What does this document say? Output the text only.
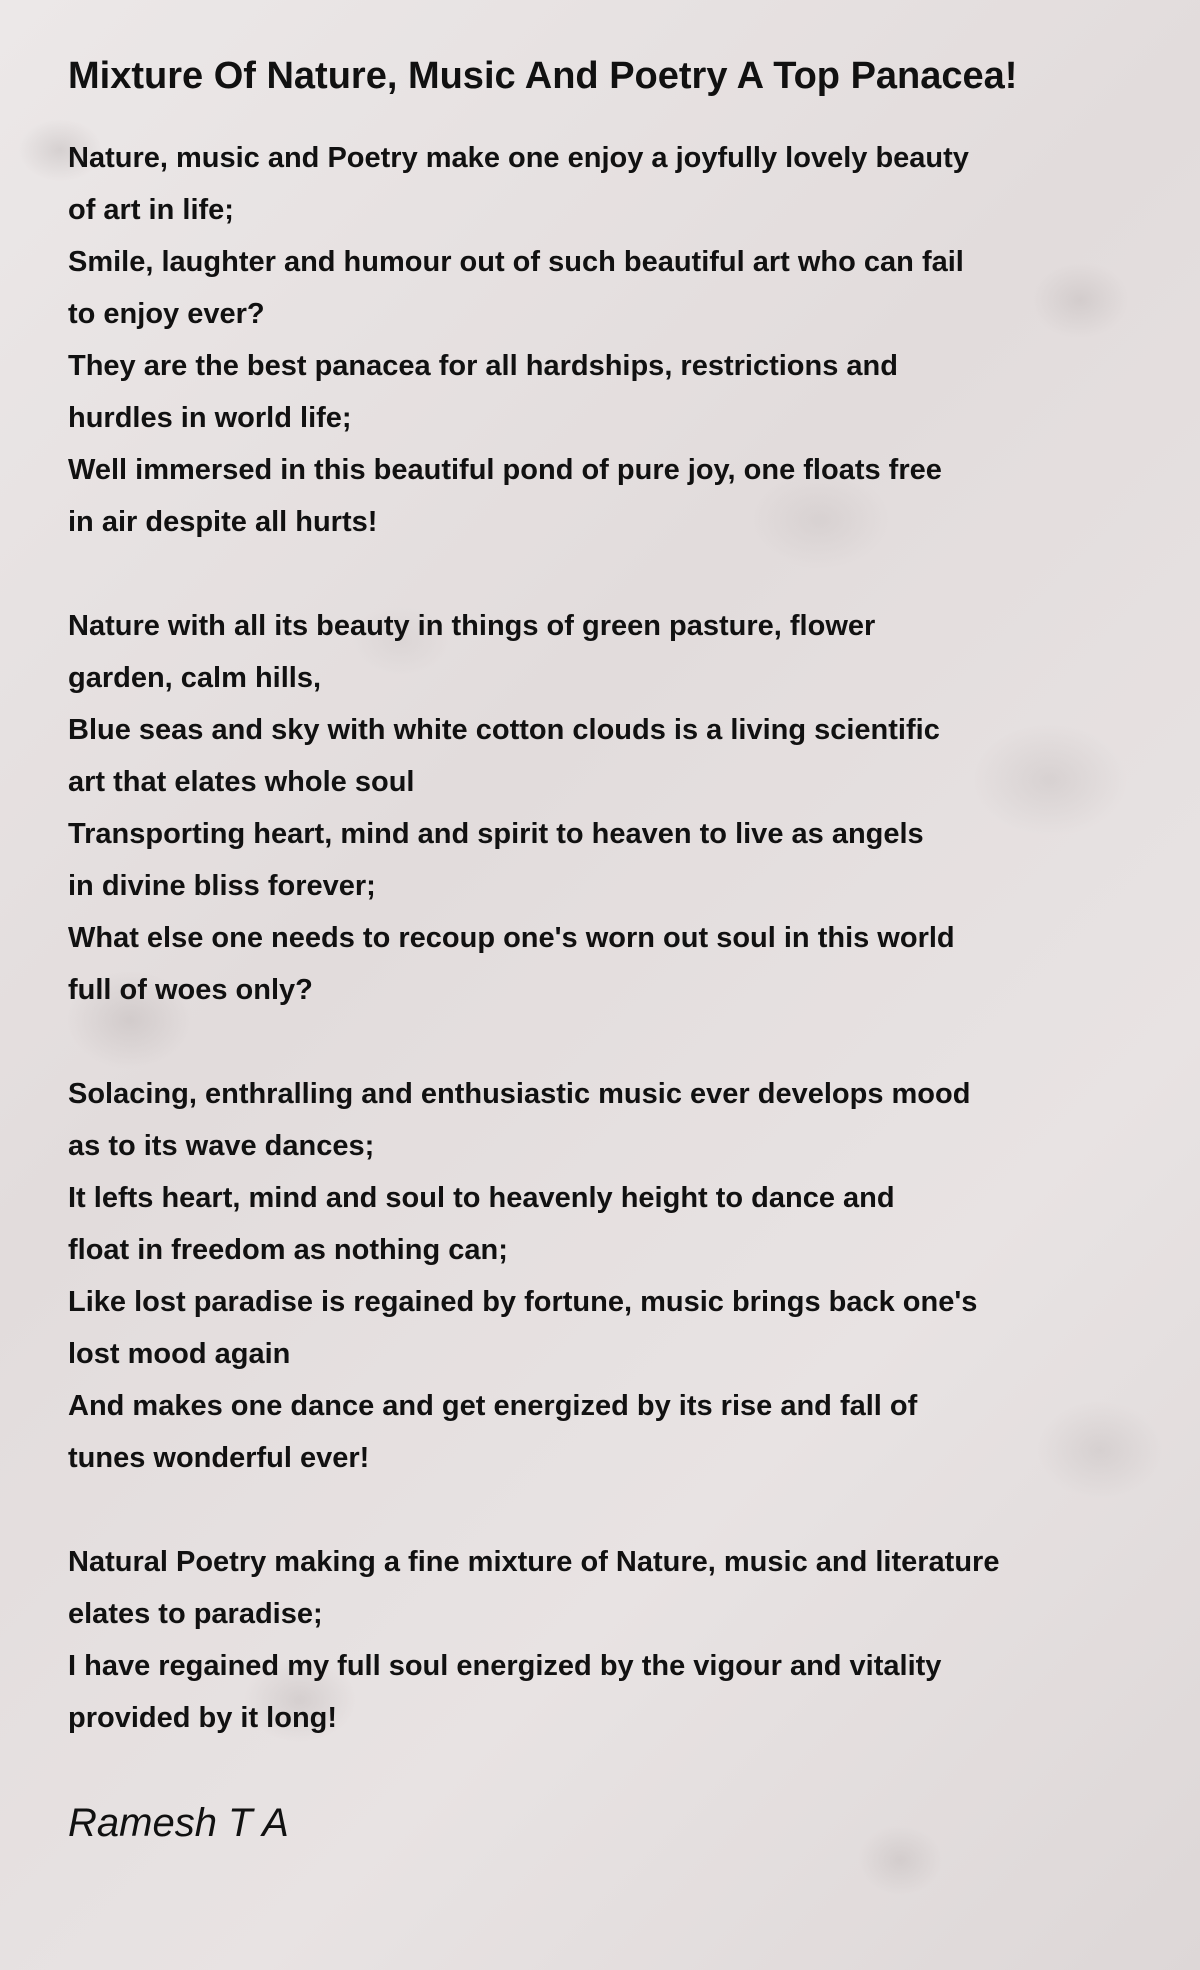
Mixture Of Nature, Music And Poetry A Top Panacea!
Nature, music and Poetry make one enjoy a joyfully lovely beauty
of art in life;
Smile, laughter and humour out of such beautiful art who can fail
to enjoy ever?
They are the best panacea for all hardships, restrictions and
hurdles in world life;
Well immersed in this beautiful pond of pure joy, one floats free
in air despite all hurts!
Nature with all its beauty in things of green pasture, flower
garden, calm hills,
Blue seas and sky with white cotton clouds is a living scientific
art that elates whole soul
Transporting heart, mind and spirit to heaven to live as angels
in divine bliss forever;
What else one needs to recoup one's worn out soul in this world
full of woes only?
Solacing, enthralling and enthusiastic music ever develops mood
as to its wave dances;
It lefts heart, mind and soul to heavenly height to dance and
float in freedom as nothing can;
Like lost paradise is regained by fortune, music brings back one's
lost mood again
And makes one dance and get energized by its rise and fall of
tunes wonderful ever!
Natural Poetry making a fine mixture of Nature, music and literature
elates to paradise;
I have regained my full soul energized by the vigour and vitality
provided by it long!
Ramesh T A
